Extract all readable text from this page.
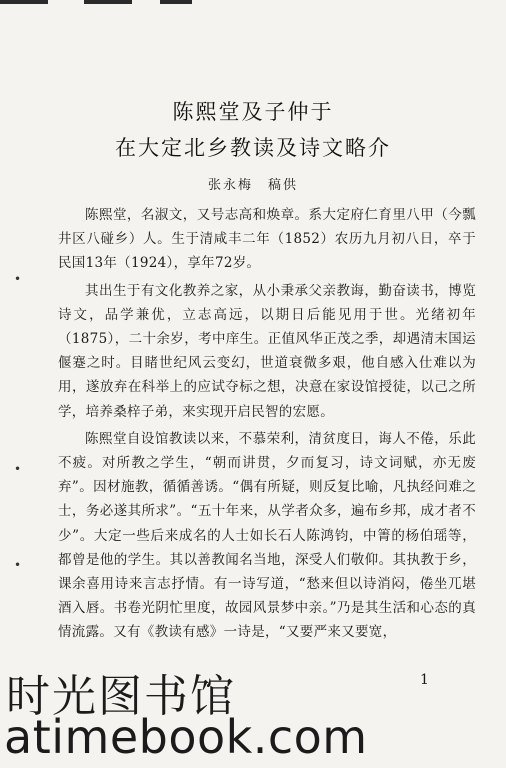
陈熙堂及子仲于
在大定北乡教读及诗文略介
张永梅　稿供

陈熙堂，名淑文，又号志高和焕章。系大定府仁育里八甲（今瓢井区八碰乡）人。生于清咸丰二年（1852）农历九月初八日，卒于民国13年（1924），享年72岁。

其出生于有文化教养之家，从小秉承父亲教诲，勤奋读书，博览诗文，品学兼优，立志高远，以期日后能见用于世。光绪初年（1875），二十余岁，考中庠生。正值风华正茂之季，却遇清末国运偃蹇之时。目睹世纪风云变幻，世道衰微多艰，他自感入仕难以为用，遂放弃在科举上的应试夺标之想，决意在家设馆授徒，以己之所学，培养桑梓子弟，来实现开启民智的宏愿。

陈熙堂自设馆教读以来，不慕荣利，清贫度日，诲人不倦，乐此不疲。对所教之学生，“朝而讲贯，夕而复习，诗文词赋，亦无废弃”。因材施教，循循善诱。“偶有所疑，则反复比喻，凡执经问难之士，务必遂其所求”。“五十年来，从学者众多，遍布乡邦，成才者不少”。大定一些后来成名的人士如长石人陈鸿钧，中箐的杨伯瑶等，都曾是他的学生。其以善教闻名当地，深受人们敬仰。其执教于乡，课余喜用诗来言志抒情。有一诗写道，“愁来但以诗消闷，倦坐兀堪酒入唇。书卷光阴忙里度，故园风景梦中亲。”乃是其生活和心态的真情流露。又有《教读有感》一诗是，“又要严来又要宽，

•
•
•
1
时光图书馆
atimebook.com
